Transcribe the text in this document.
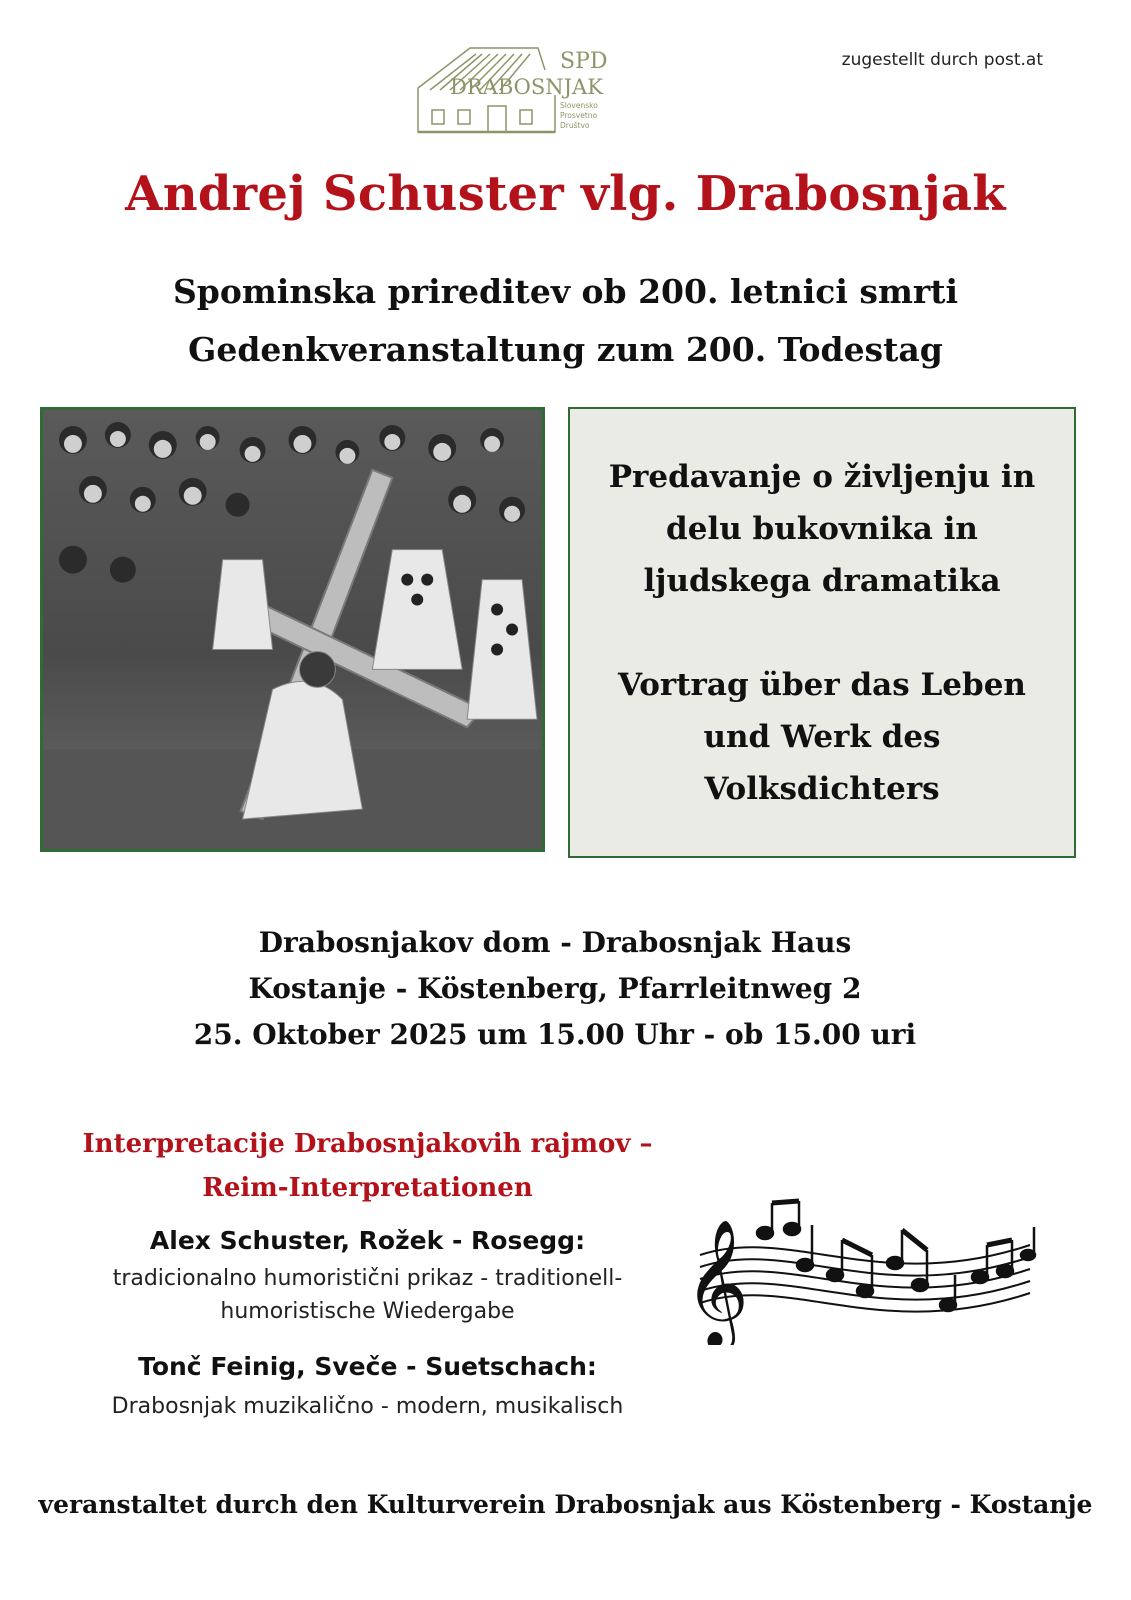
SPD
DRABOSNJAK
Slovensko
Prosvetno
Društvo
zugestellt durch post.at
Andrej Schuster vlg. Drabosnjak
Spominska prireditev ob 200. letnici smrti
Gedenkveranstaltung zum 200. Todestag
Predavanje o življenju in
delu bukovnika in
ljudskega dramatika
Vortrag über das Leben
und Werk des
Volksdichters
Drabosnjakov dom - Drabosnjak Haus
Kostanje - Köstenberg, Pfarrleitnweg 2
25. Oktober 2025 um 15.00 Uhr - ob 15.00 uri
Interpretacije Drabosnjakovih rajmov –
Reim-Interpretationen
Alex Schuster, Rožek - Rosegg:
tradicionalno humoristični prikaz - traditionell-
humoristische Wiedergabe
Tonč Feinig, Sveče - Suetschach:
Drabosnjak muzikalično - modern, musikalisch
𝄞
veranstaltet durch den Kulturverein Drabosnjak aus Köstenberg - Kostanje
